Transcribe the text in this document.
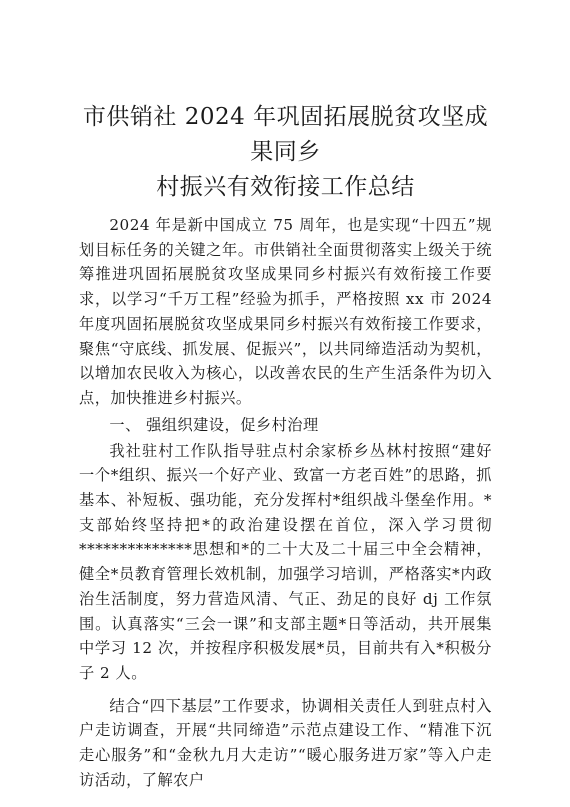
市供销社 2024 年巩固拓展脱贫攻坚成果同乡
村振兴有效衔接工作总结

2024 年是新中国成立 75 周年，也是实现“十四五”规划目标任务的关键之年。市供销社全面贯彻落实上级关于统筹推进巩固拓展脱贫攻坚成果同乡村振兴有效衔接工作要求，以学习“千万工程”经验为抓手，严格按照 xx 市 2024 年度巩固拓展脱贫攻坚成果同乡村振兴有效衔接工作要求，聚焦“守底线、抓发展、促振兴”，以共同缔造活动为契机，以增加农民收入为核心，以改善农民的生产生活条件为切入点，加快推进乡村振兴。

一、 强组织建设，促乡村治理

我社驻村工作队指导驻点村余家桥乡丛林村按照“建好一个*组织、振兴一个好产业、致富一方老百姓”的思路，抓基本、补短板、强功能，充分发挥村*组织战斗堡垒作用。*支部始终坚持把*的政治建设摆在首位，深入学习贯彻**************思想和*的二十大及二十届三中全会精神，健全*员教育管理长效机制，加强学习培训，严格落实*内政治生活制度，努力营造风清、气正、劲足的良好 dj 工作氛围。认真落实“三会一课”和支部主题*日等活动，共开展集中学习 12 次，并按程序积极发展*员，目前共有入*积极分子 2 人。

结合“四下基层”工作要求，协调相关责任人到驻点村入户走访调查，开展“共同缔造”示范点建设工作、“精准下沉走心服务”和“金秋九月大走访”“暖心服务进万家”等入户走访活动，了解农户
